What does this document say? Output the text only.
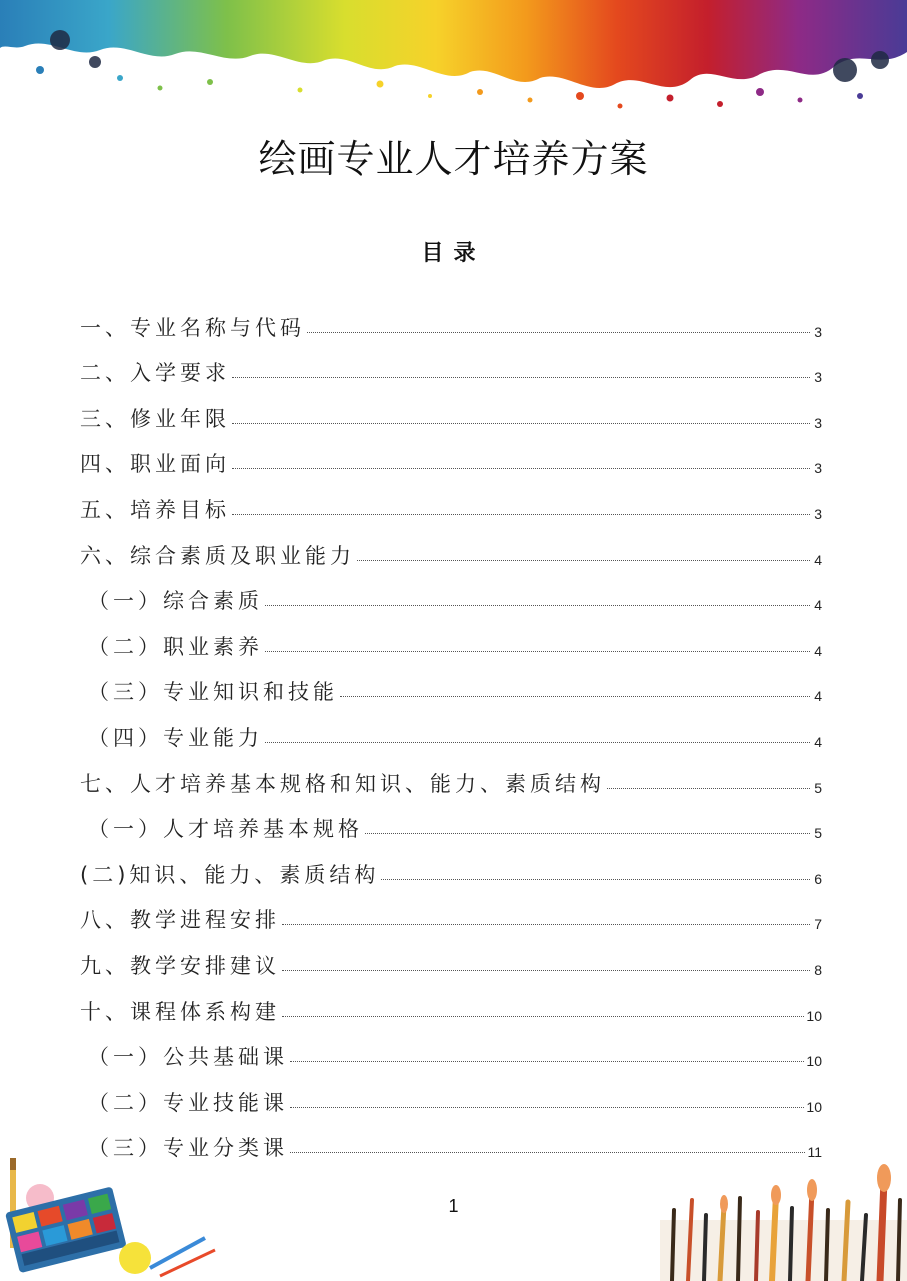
绘画专业人才培养方案
目录
一、专业名称与代码	3
二、入学要求	3
三、修业年限	3
四、职业面向	3
五、培养目标	3
六、综合素质及职业能力	4
（一）综合素质	4
（二）职业素养	4
（三）专业知识和技能	4
（四）专业能力	4
七、人才培养基本规格和知识、能力、素质结构	5
（一）人才培养基本规格	5
(二)知识、能力、素质结构	6
八、教学进程安排	7
九、教学安排建议	8
十、课程体系构建	10
（一）公共基础课	10
（二）专业技能课	10
（三）专业分类课	11
1
